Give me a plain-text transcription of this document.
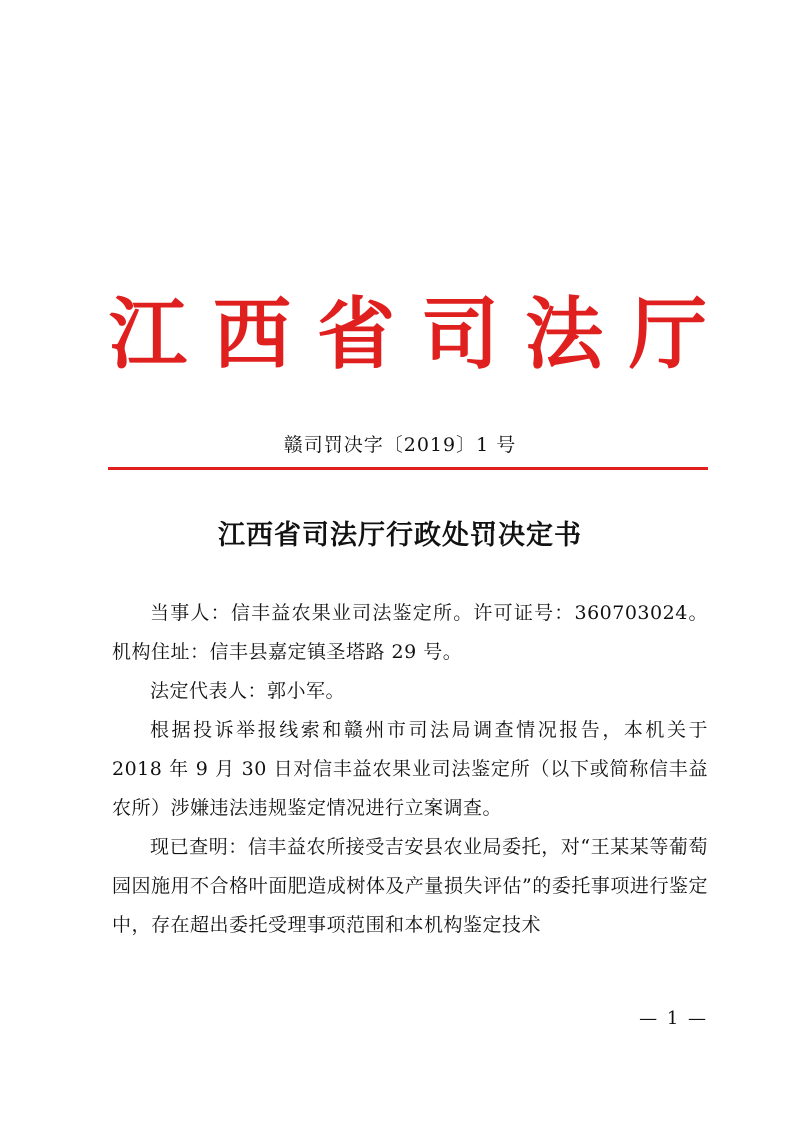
江 西 省 司 法 厅
赣司罚决字〔2019〕1 号
江西省司法厅行政处罚决定书

当事人：信丰益农果业司法鉴定所。许可证号：360703024。机构住址：信丰县嘉定镇圣塔路 29 号。

法定代表人：郭小军。

根据投诉举报线索和赣州市司法局调查情况报告，本机关于 2018 年 9 月 30 日对信丰益农果业司法鉴定所（以下或简称信丰益农所）涉嫌违法违规鉴定情况进行立案调查。

现已查明：信丰益农所接受吉安县农业局委托，对“王某某等葡萄园因施用不合格叶面肥造成树体及产量损失评估”的委托事项进行鉴定中，存在超出委托受理事项范围和本机构鉴定技术

— 1 —
